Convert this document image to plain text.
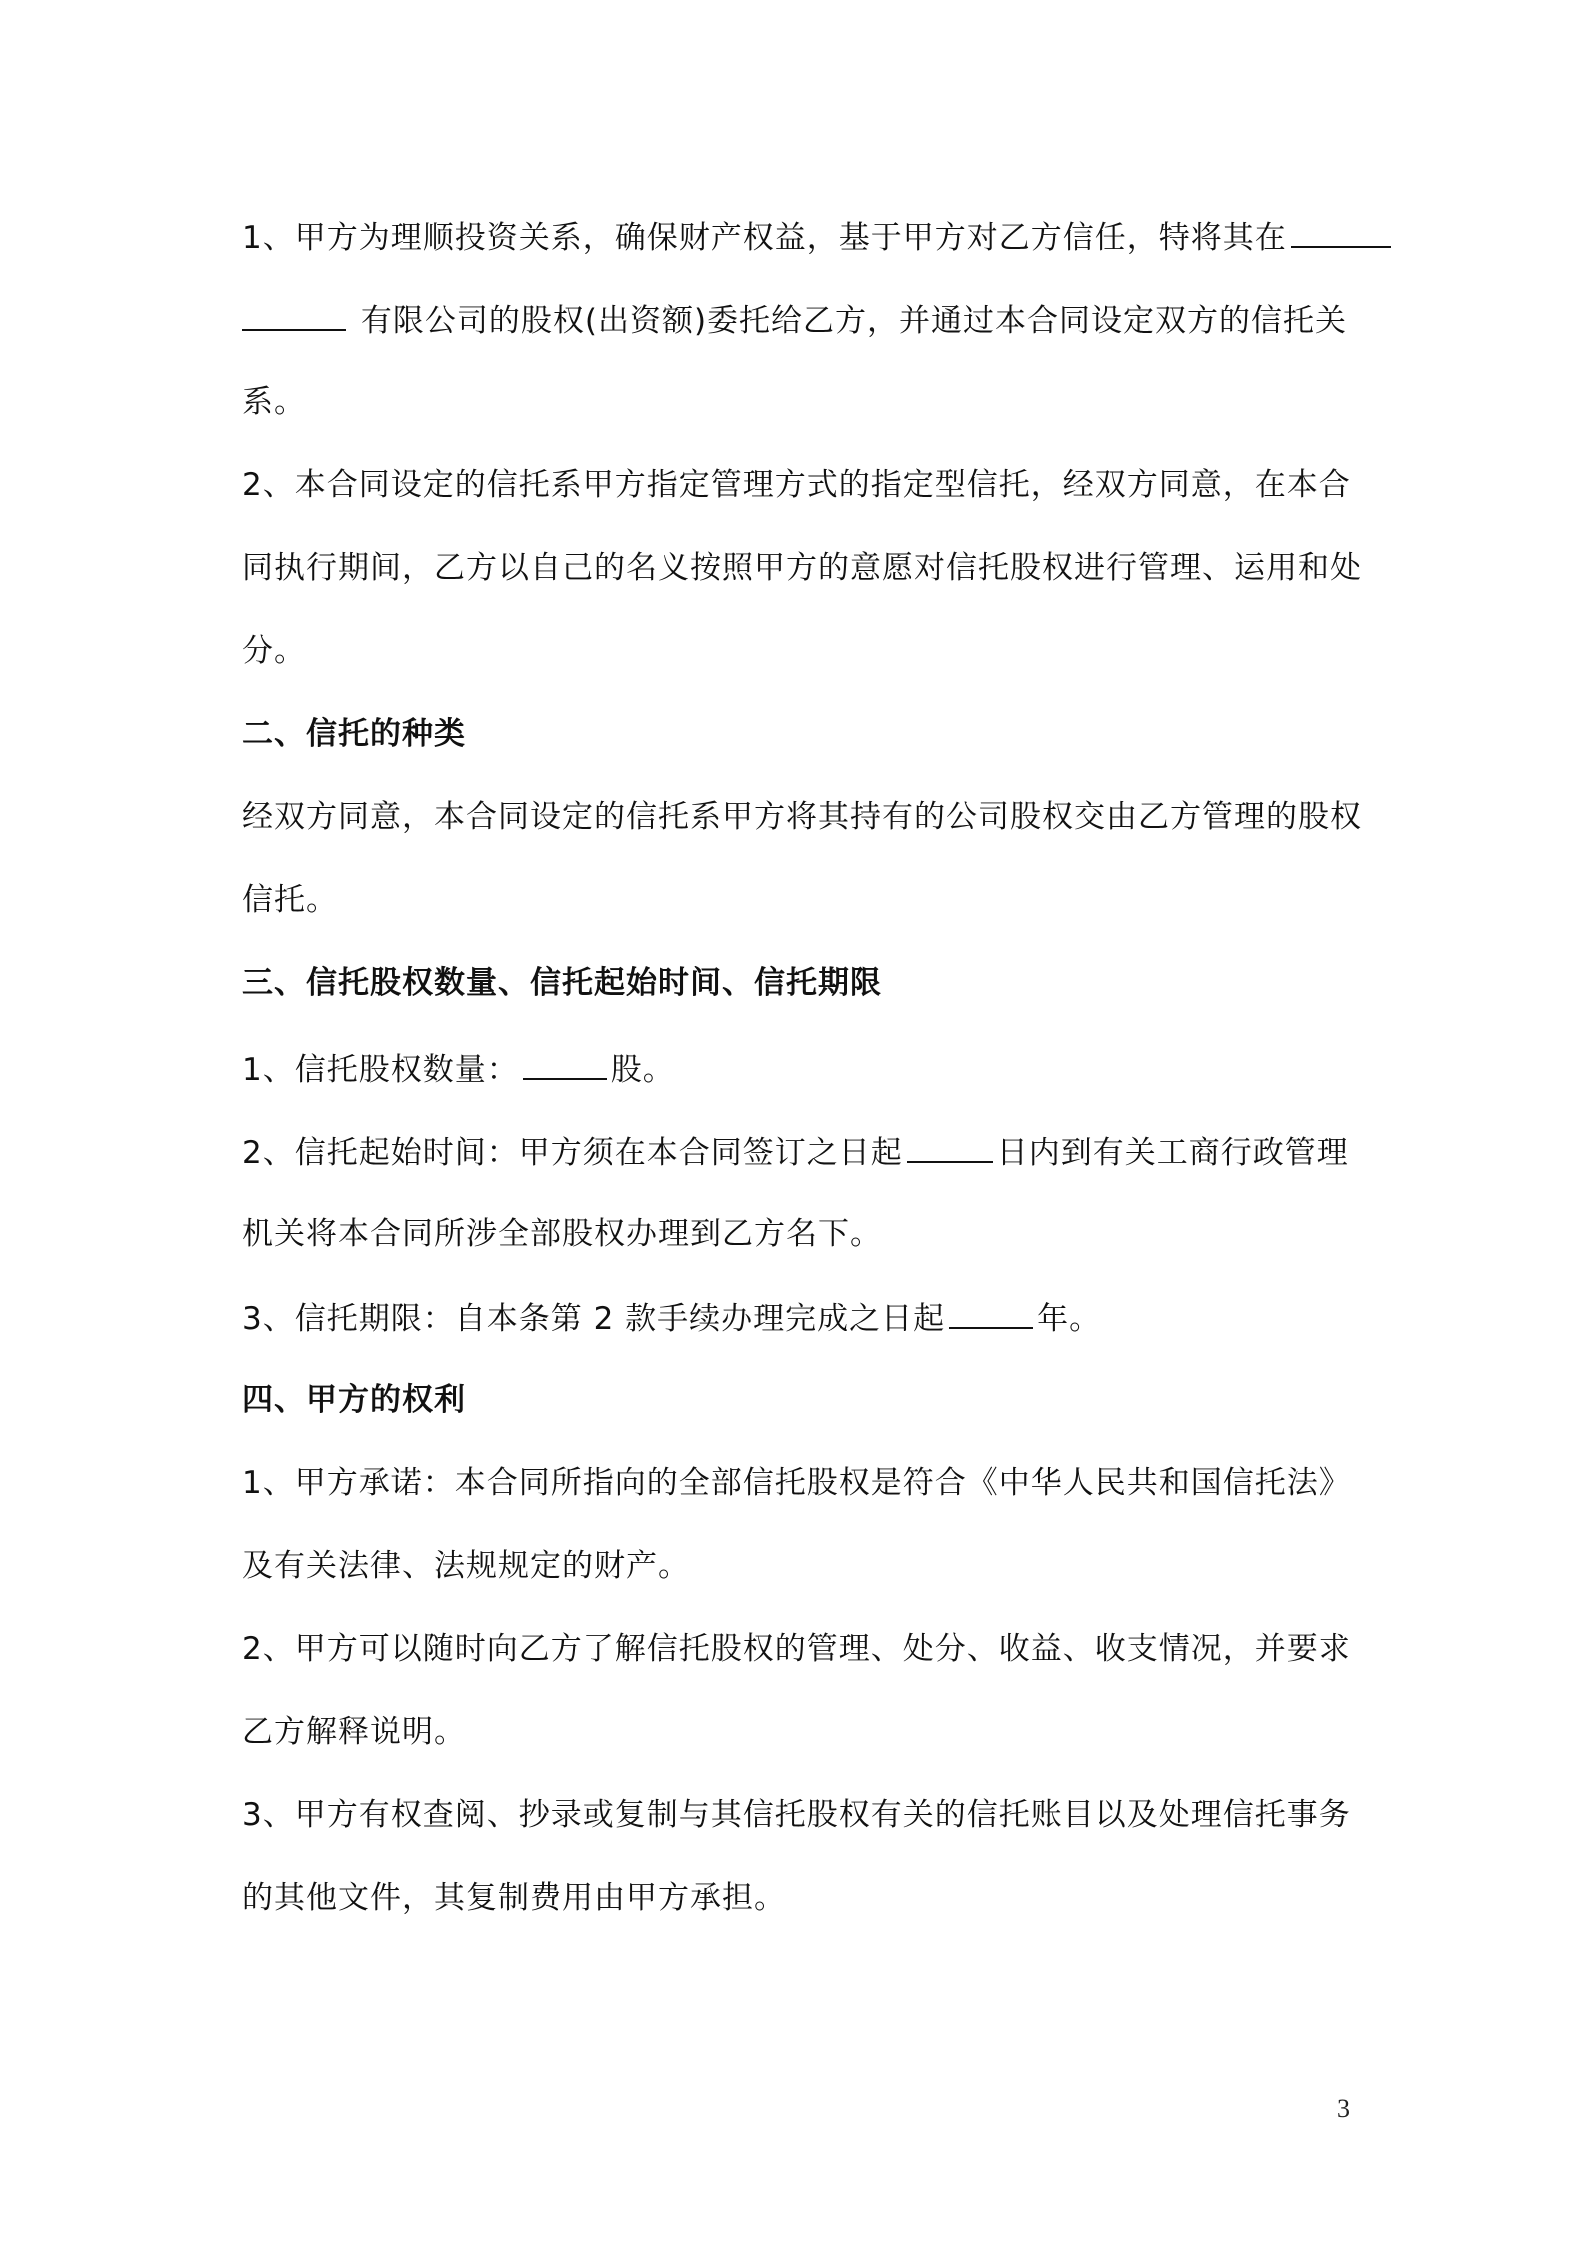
1、甲方为理顺投资关系，确保财产权益，基于甲方对乙方信任，特将其在
有限公司的股权(出资额)委托给乙方，并通过本合同设定双方的信托关
系。
2、本合同设定的信托系甲方指定管理方式的指定型信托，经双方同意，在本合
同执行期间，乙方以自己的名义按照甲方的意愿对信托股权进行管理、运用和处
分。
二、信托的种类
经双方同意，本合同设定的信托系甲方将其持有的公司股权交由乙方管理的股权
信托。
三、信托股权数量、信托起始时间、信托期限
1、信托股权数量：	股。
2、信托起始时间：甲方须在本合同签订之日起	日内到有关工商行政管理
机关将本合同所涉全部股权办理到乙方名下。
3、信托期限：自本条第 2 款手续办理完成之日起	年。
四、甲方的权利
1、甲方承诺：本合同所指向的全部信托股权是符合《中华人民共和国信托法》
及有关法律、法规规定的财产。
2、甲方可以随时向乙方了解信托股权的管理、处分、收益、收支情况，并要求
乙方解释说明。
3、甲方有权查阅、抄录或复制与其信托股权有关的信托账目以及处理信托事务
的其他文件，其复制费用由甲方承担。
3
